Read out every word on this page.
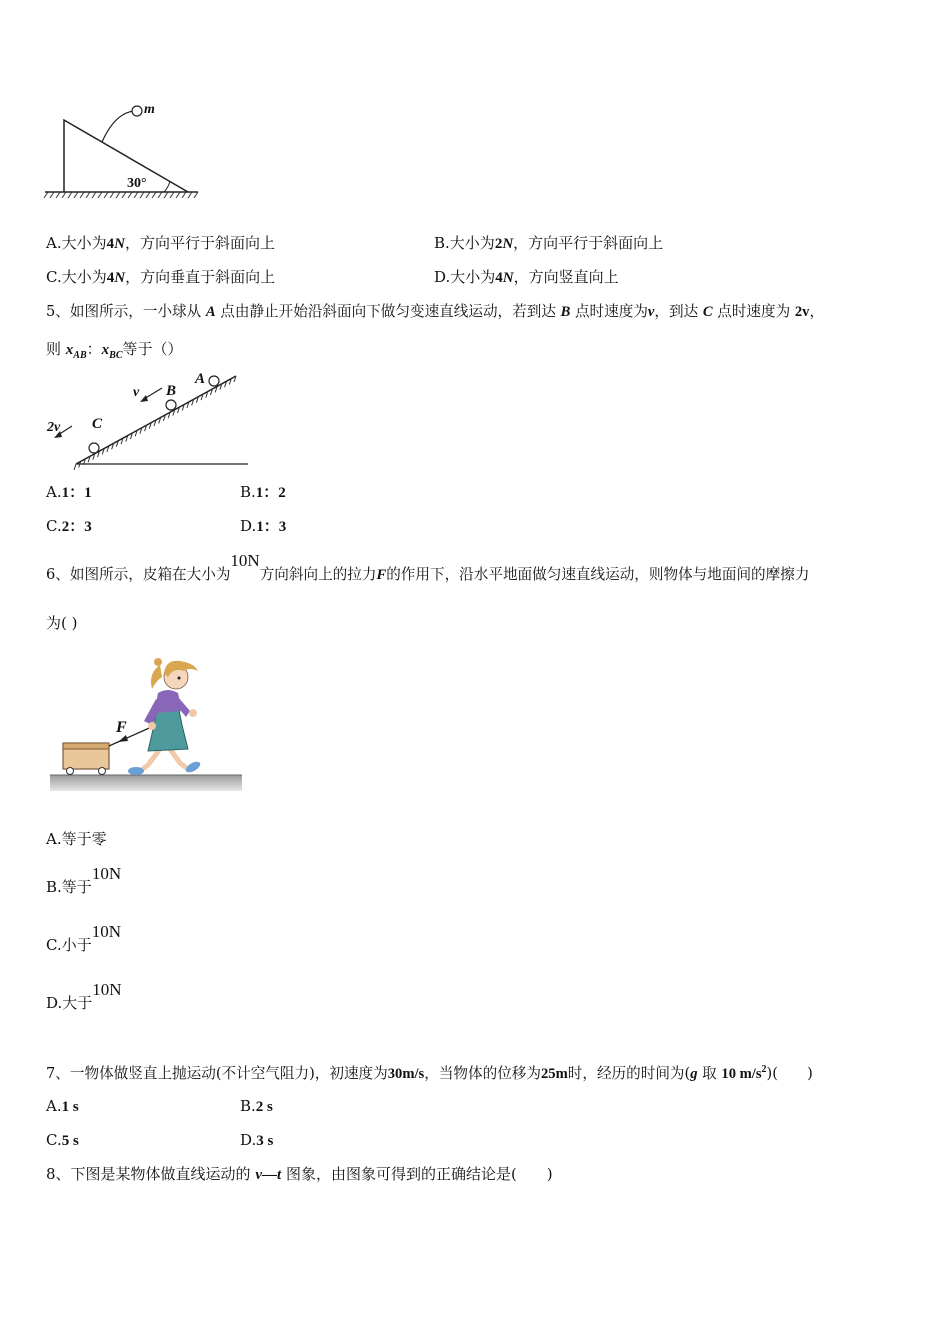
m
30°
A.大小为4N，方向平行于斜面向上	B.大小为2N，方向平行于斜面向上
C.大小为4N，方向垂直于斜面向上	D.大小为4N，方向竖直向上
5、如图所示，一小球从 A 点由静止开始沿斜面向下做匀变速直线运动，若到达 B 点时速度为v，到达 C 点时速度为 2v，
则 $x_{AB}$：$x_{BC}$等于（）
A
B
v
C
2v
A.1：1	B.1：2
C.2：3	D.1：3
6、如图所示，皮箱在大小为10N方向斜向上的拉力F的作用下，沿水平地面做匀速直线运动，则物体与地面间的摩擦力
为( )
F
A.等于零
B.等于10N
C.小于10N
D.大于10N
7、一物体做竖直上抛运动(不计空气阻力)，初速度为30m/s，当物体的位移为25m时，经历的时间为(g 取 10 $m/s^2$)(　　)
A.1 s	B.2 s
C.5 s	D.3 s
8、下图是某物体做直线运动的 v—t 图象，由图象可得到的正确结论是(　　)
